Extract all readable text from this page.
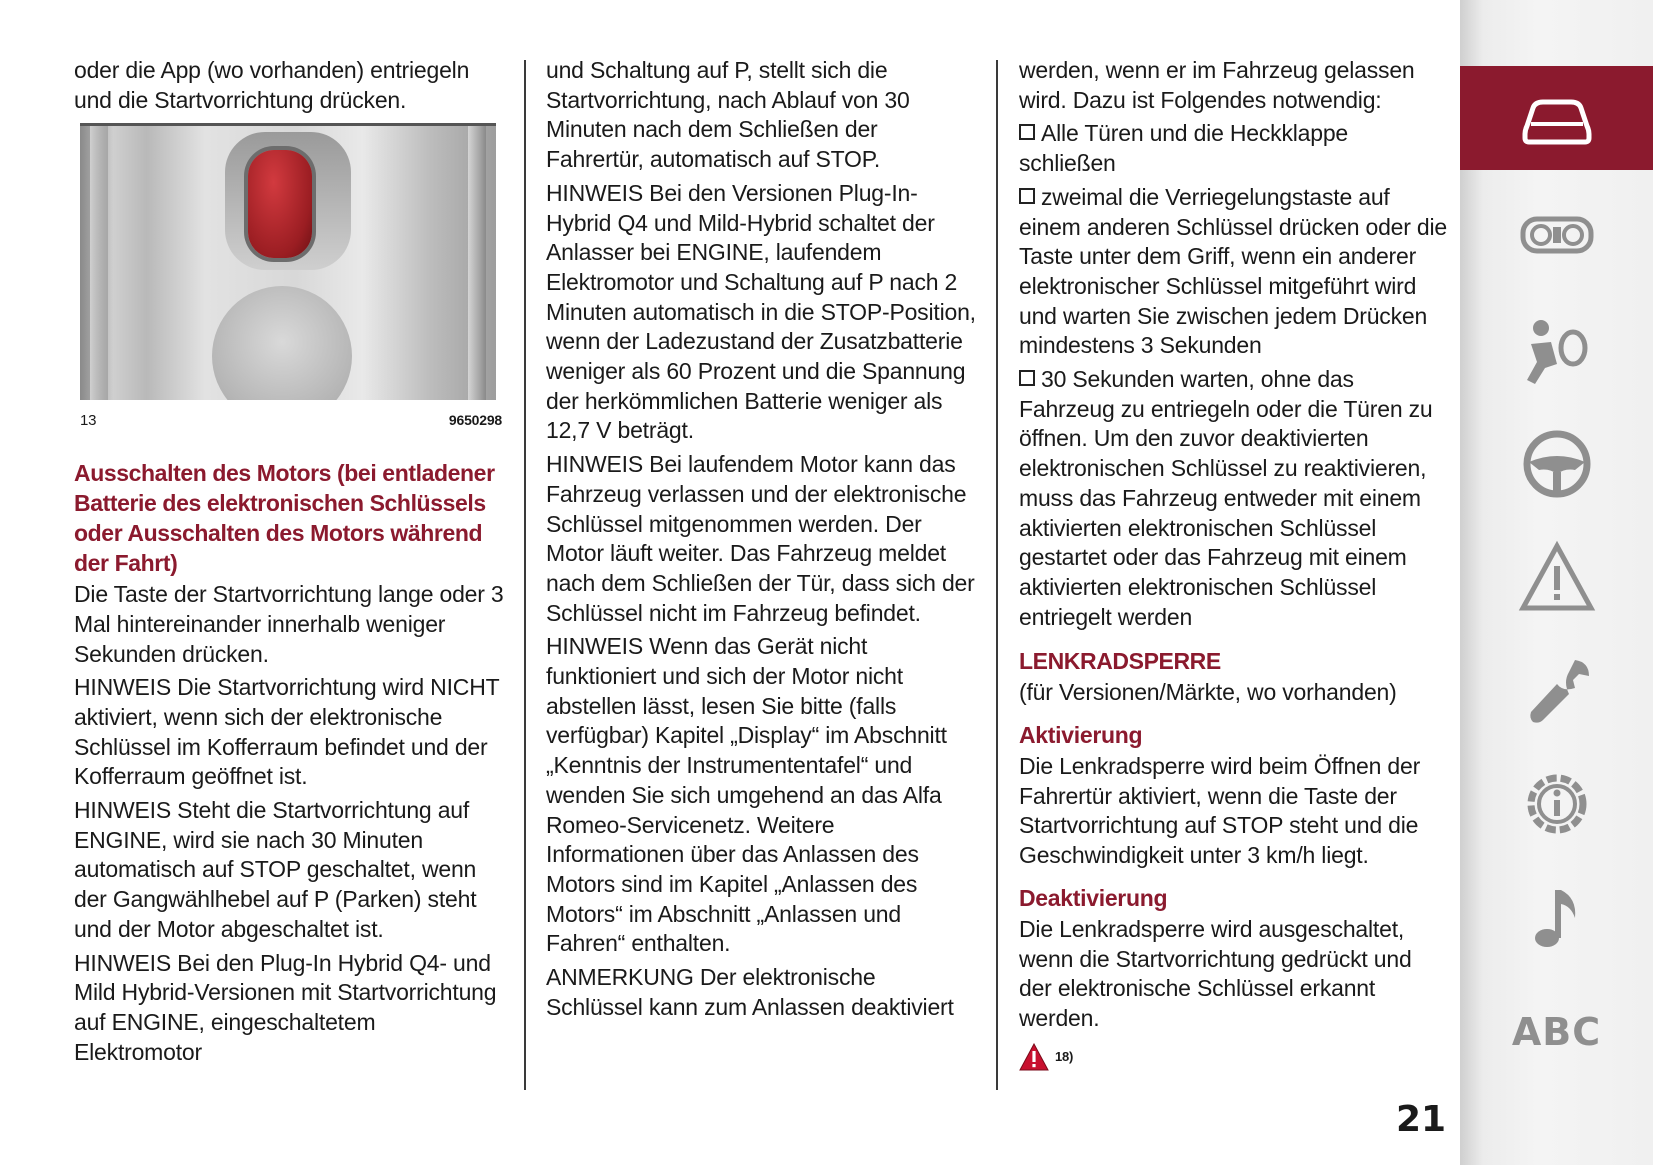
oder die App (wo vorhanden) entriegeln und die Startvorrichtung drücken.

13	9650298
Ausschalten des Motors (bei entladener Batterie des elektronischen Schlüssels oder Ausschalten des Motors während der Fahrt)

Die Taste der Startvorrichtung lange oder 3 Mal hintereinander innerhalb weniger Sekunden drücken.

HINWEIS Die Startvorrichtung wird NICHT aktiviert, wenn sich der elektronische Schlüssel im Kofferraum befindet und der Kofferraum geöffnet ist.

HINWEIS Steht die Startvorrichtung auf ENGINE, wird sie nach 30 Minuten automatisch auf STOP geschaltet, wenn der Gangwählhebel auf P (Parken) steht und der Motor abgeschaltet ist.

HINWEIS Bei den Plug-In Hybrid Q4- und Mild Hybrid-Versionen mit Startvorrichtung auf ENGINE, eingeschaltetem Elektromotor

und Schaltung auf P, stellt sich die Startvorrichtung, nach Ablauf von 30 Minuten nach dem Schließen der Fahrertür, automatisch auf STOP.

HINWEIS Bei den Versionen Plug-In-Hybrid Q4 und Mild-Hybrid schaltet der Anlasser bei ENGINE, laufendem Elektromotor und Schaltung auf P nach 2 Minuten automatisch in die STOP-Position, wenn der Ladezustand der Zusatzbatterie weniger als 60 Prozent und die Spannung der herkömmlichen Batterie weniger als 12,7 V beträgt.

HINWEIS Bei laufendem Motor kann das Fahrzeug verlassen und der elektronische Schlüssel mitgenommen werden. Der Motor läuft weiter. Das Fahrzeug meldet nach dem Schließen der Tür, dass sich der Schlüssel nicht im Fahrzeug befindet.

HINWEIS Wenn das Gerät nicht funktioniert und sich der Motor nicht abstellen lässt, lesen Sie bitte (falls verfügbar) Kapitel „Display“ im Abschnitt „Kenntnis der Instrumententafel“ und wenden Sie sich umgehend an das Alfa Romeo-Servicenetz. Weitere Informationen über das Anlassen des Motors sind im Kapitel „Anlassen des Motors“ im Abschnitt „Anlassen und Fahren“ enthalten.

ANMERKUNG Der elektronische Schlüssel kann zum Anlassen deaktiviert

werden, wenn er im Fahrzeug gelassen wird. Dazu ist Folgendes notwendig:

Alle Türen und die Heckklappe schließen

zweimal die Verriegelungstaste auf einem anderen Schlüssel drücken oder die Taste unter dem Griff, wenn ein anderer elektronischer Schlüssel mitgeführt wird und warten Sie zwischen jedem Drücken mindestens 3 Sekunden

30 Sekunden warten, ohne das Fahrzeug zu entriegeln oder die Türen zu öffnen. Um den zuvor deaktivierten elektronischen Schlüssel zu reaktivieren, muss das Fahrzeug entweder mit einem aktivierten elektronischen Schlüssel gestartet oder das Fahrzeug mit einem aktivierten elektronischen Schlüssel entriegelt werden

LENKRADSPERRE

(für Versionen/Märkte, wo vorhanden)

Aktivierung

Die Lenkradsperre wird beim Öffnen der Fahrertür aktiviert, wenn die Taste der Startvorrichtung auf STOP steht und die Geschwindigkeit unter 3 km/h liegt.

Deaktivierung

Die Lenkradsperre wird ausgeschaltet, wenn die Startvorrichtung gedrückt und der elektronische Schlüssel erkannt werden.

18)
21
ABC
